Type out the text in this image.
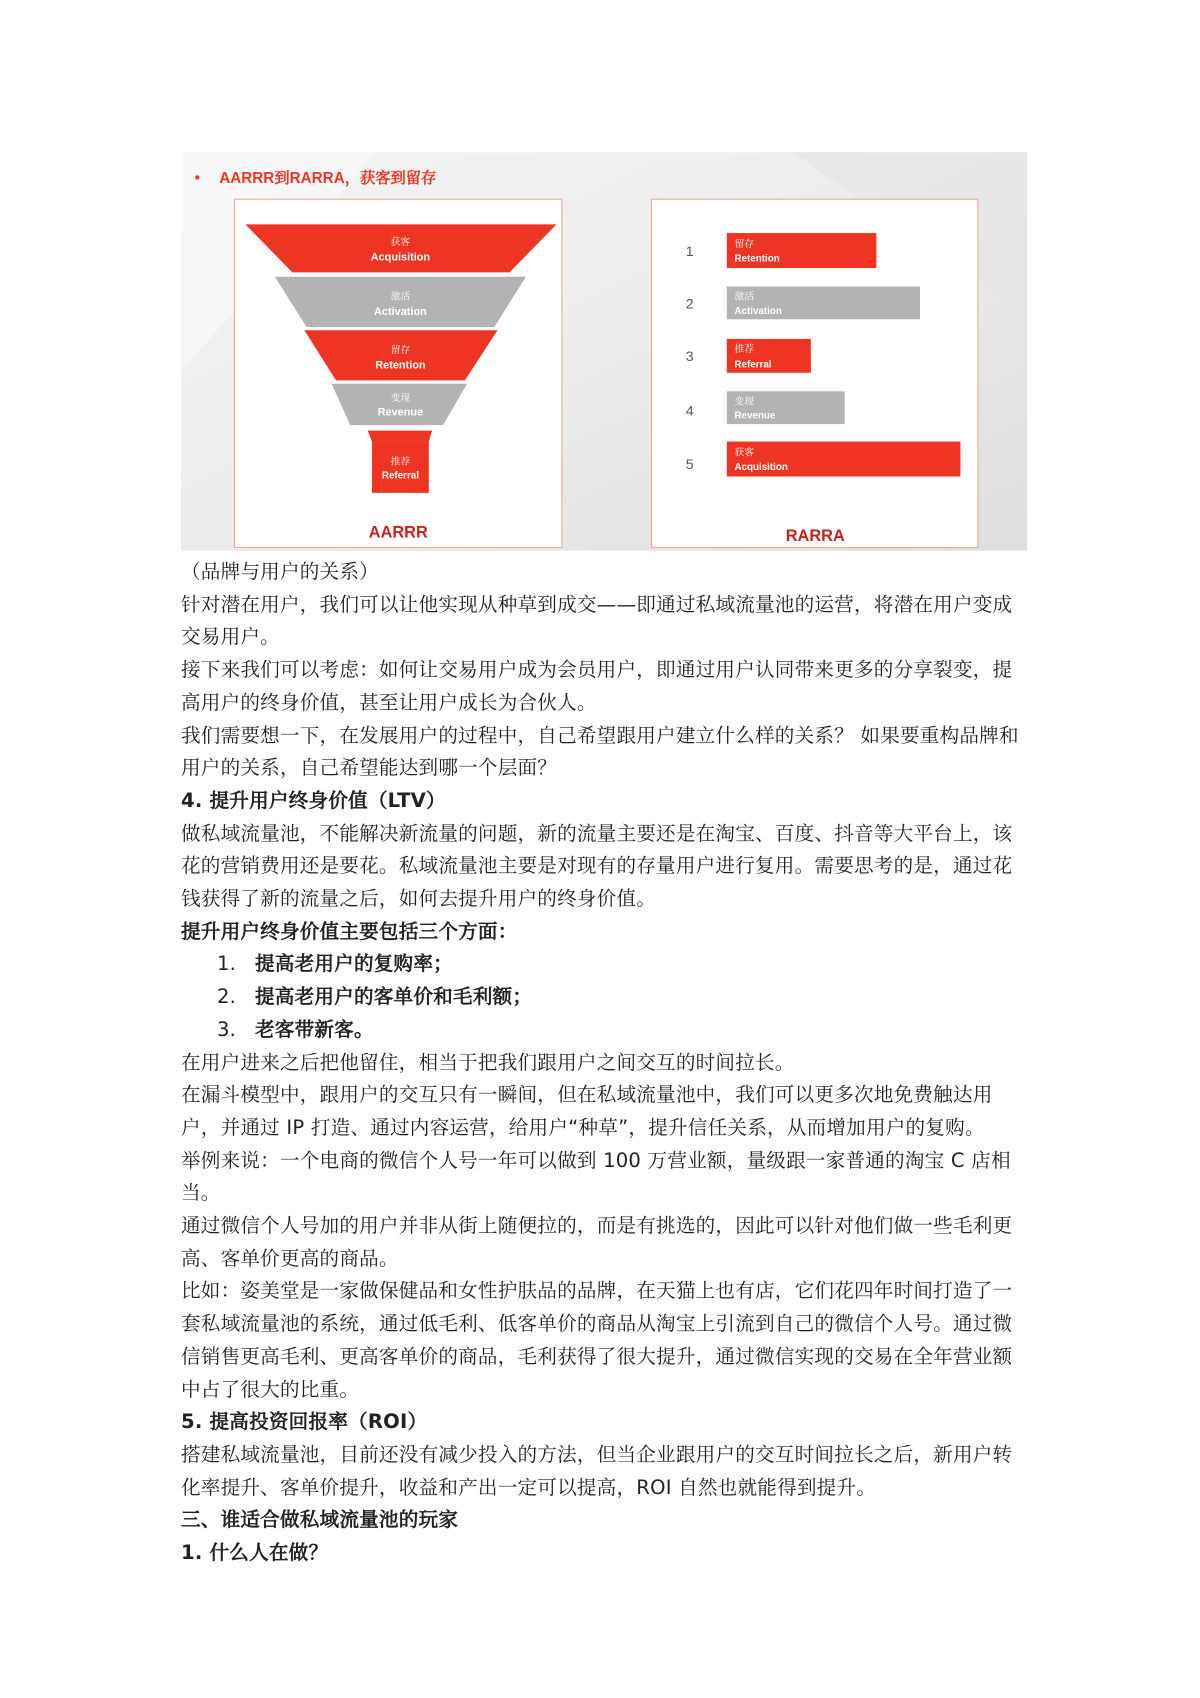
AARRR到RARRA，获客到留存
获客
Acquisition
激活
Activation
留存
Retention
变现
Revenue
推荐
Referral
AARRR
1	留存
Retention
2	激活
Activation
3	推荐
Referral
4
变现
Revenue
5
获客
Acquisition
RARRA

（品牌与用户的关系）

针对潜在用户，我们可以让他实现从种草到成交——即通过私域流量池的运营，将潜在用户变成交易用户。

接下来我们可以考虑：如何让交易用户成为会员用户，即通过用户认同带来更多的分享裂变，提高用户的终身价值，甚至让用户成长为合伙人。

我们需要想一下，在发展用户的过程中，自己希望跟用户建立什么样的关系？ 如果要重构品牌和用户的关系，自己希望能达到哪一个层面？

4. 提升用户终身价值（LTV）

做私域流量池，不能解决新流量的问题，新的流量主要还是在淘宝、百度、抖音等大平台上，该花的营销费用还是要花。私域流量池主要是对现有的存量用户进行复用。需要思考的是，通过花钱获得了新的流量之后，如何去提升用户的终身价值。

提升用户终身价值主要包括三个方面：

1. 提高老用户的复购率；

2. 提高老用户的客单价和毛利额；

3. 老客带新客。

在用户进来之后把他留住，相当于把我们跟用户之间交互的时间拉长。

在漏斗模型中，跟用户的交互只有一瞬间，但在私域流量池中，我们可以更多次地免费触达用户，并通过 IP 打造、通过内容运营，给用户“种草”，提升信任关系，从而增加用户的复购。

举例来说：一个电商的微信个人号一年可以做到 100 万营业额，量级跟一家普通的淘宝 C 店相当。

通过微信个人号加的用户并非从街上随便拉的，而是有挑选的，因此可以针对他们做一些毛利更高、客单价更高的商品。

比如：姿美堂是一家做保健品和女性护肤品的品牌，在天猫上也有店，它们花四年时间打造了一套私域流量池的系统，通过低毛利、低客单价的商品从淘宝上引流到自己的微信个人号。通过微信销售更高毛利、更高客单价的商品，毛利获得了很大提升，通过微信实现的交易在全年营业额中占了很大的比重。

5. 提高投资回报率（ROI）

搭建私域流量池，目前还没有减少投入的方法，但当企业跟用户的交互时间拉长之后，新用户转化率提升、客单价提升，收益和产出一定可以提高，ROI 自然也就能得到提升。

三、谁适合做私域流量池的玩家

1. 什么人在做？
